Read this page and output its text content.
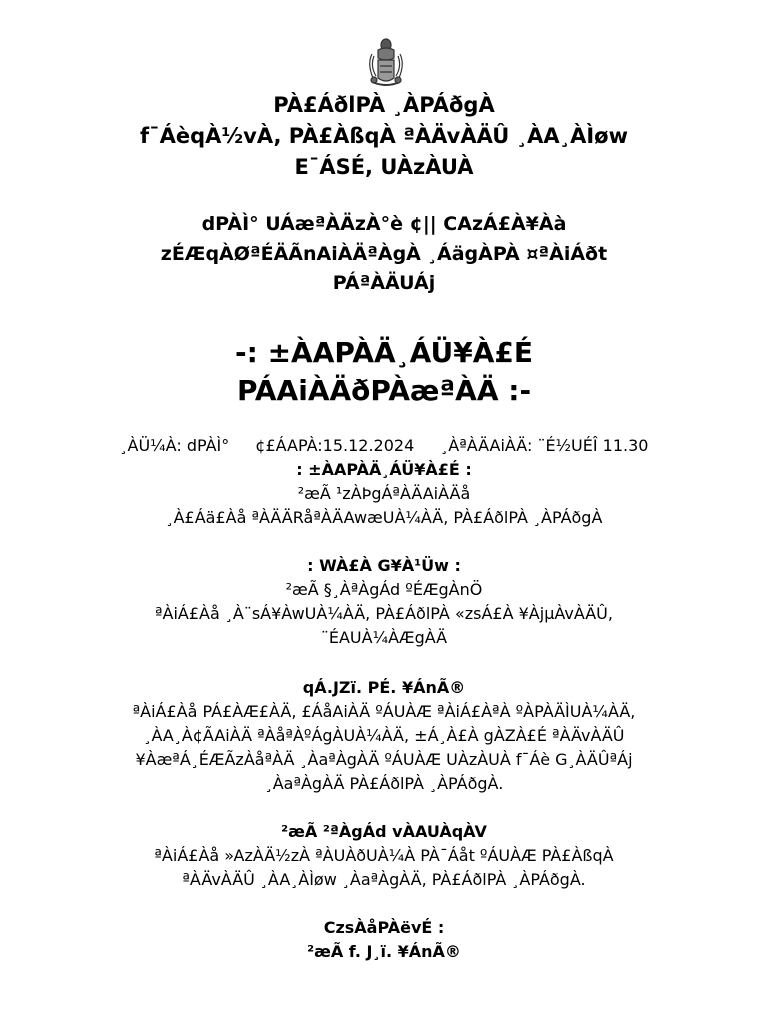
PÀ£ÁðlPÀ ¸ÀPÁðgÀ
f¯ÁèqÀ½vÀ, PÀ£ÀßqÀ ªÀÄvÀÄÛ ¸ÀA¸ÀÌøw
E¯ÁSÉ, UÀzÀUÀ
dPÀÌ° UÁæªÀÄzÀ°è ¢|| CAzÁ£À¥Àà
zÉÆqÀØªÉÄÃnAiÀÄªÀgÀ ¸ÁägÀPÀ ¤ªÀiÁðt
PÁªÀÄUÁj
-: ±ÀAPÀÄ¸ÁÜ¥À£É
PÁAiÀÄðPÀæªÀÄ :-
¸ÀÜ¼À: dPÀÌ° ¢£ÁAPÀ:15.12.2024 ¸ÀªÀÄAiÀÄ: ¨É½UÉÎ 11.30
: ±ÀAPÀÄ¸ÁÜ¥À£É :
²æÃ ¹zÀÞgÁªÀÄAiÀÄå
¸À£Áä£Àå ªÀÄÄRåªÀÄAwæUÀ¼ÀÄ, PÀ£ÁðlPÀ ¸ÀPÁðgÀ
: WÀ£À G¥À¹Üw :
²æÃ §¸ÀªÀgÁd ºÉÆgÀnÖ
ªÀiÁ£Àå ¸À¨sÁ¥ÀwUÀ¼ÀÄ, PÀ£ÁðlPÀ «zsÁ£À ¥ÀjµÀvÀÄÛ,
¨ÉAUÀ¼ÀÆgÀÄ
qÁ.JZï. PÉ. ¥ÁnÃ®
ªÀiÁ£Àå PÁ£ÀÆ£ÀÄ, £ÁåAiÀÄ ºÁUÀÆ ªÀiÁ£ÀªÀ ºÀPÀÄÌUÀ¼ÀÄ,
¸ÀA¸À¢ÃAiÀÄ ªÀåªÀºÁgÀUÀ¼ÀÄ, ±Á¸À£À gÀZÀ£É ªÀÄvÀÄÛ
¥ÀæªÁ¸ÉÆÃzÀåªÀÄ ¸ÀaªÀgÀÄ ºÁUÀÆ UÀzÀUÀ f¯Áè G¸ÀÄÛªÁj
¸ÀaªÀgÀÄ PÀ£ÁðlPÀ ¸ÀPÁðgÀ.
²æÃ ²ªÀgÁd vÀAUÀqÀV
ªÀiÁ£Àå »AzÀÄ½zÀ ªÀUÀðUÀ¼À PÀ¯Áåt ºÁUÀÆ PÀ£ÀßqÀ
ªÀÄvÀÄÛ ¸ÀA¸ÀÌøw ¸ÀaªÀgÀÄ, PÀ£ÁðlPÀ ¸ÀPÁðgÀ.
CzsÀåPÀëvÉ :
²æÃ f. J¸ï. ¥ÁnÃ®
